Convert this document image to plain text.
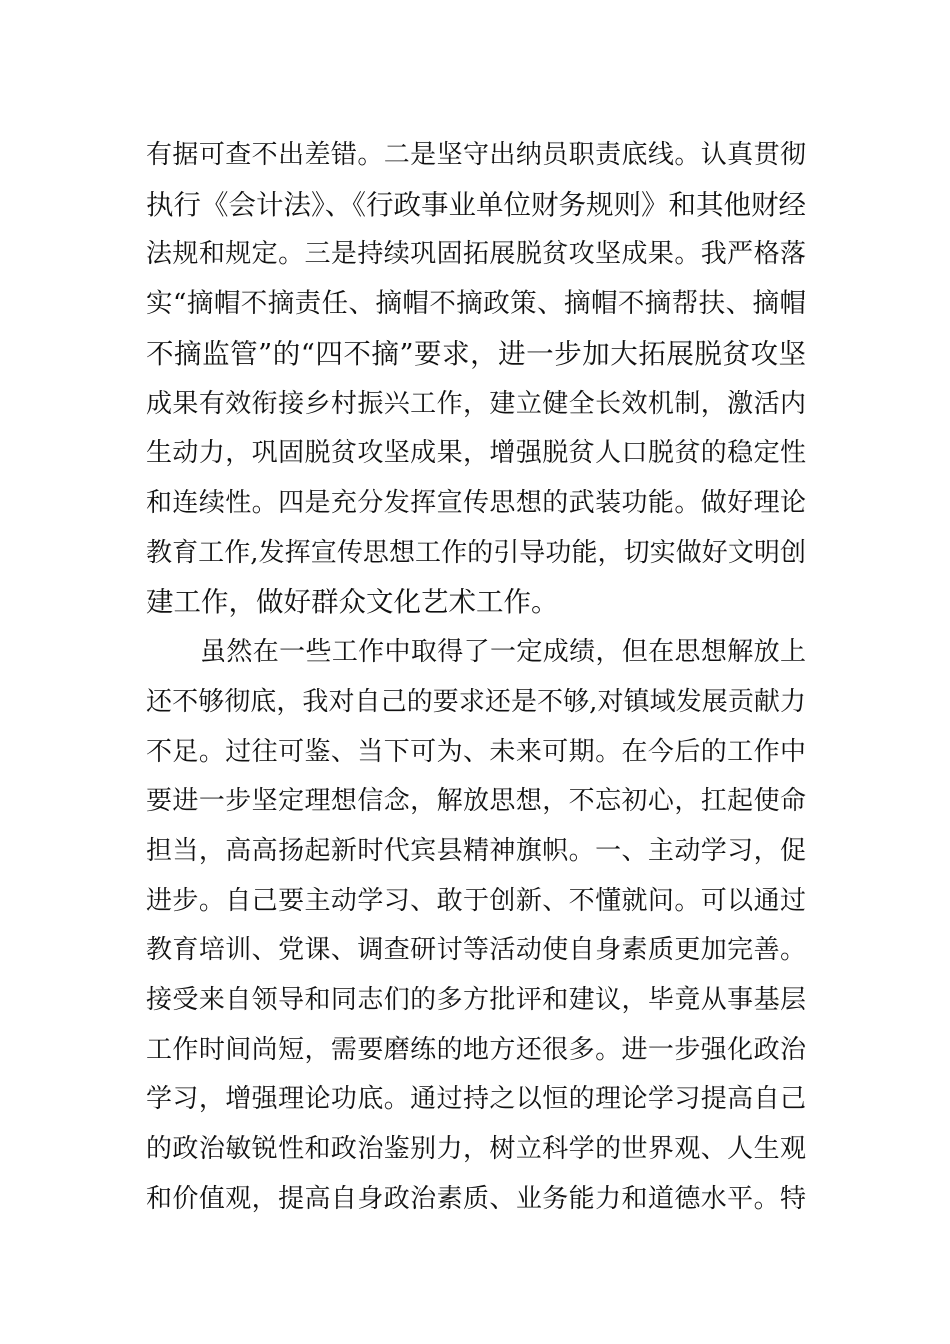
有据可查不出差错。二是坚守出纳员职责底线。认真贯彻
执行《会计法》、《行政事业单位财务规则》和其他财经
法规和规定。三是持续巩固拓展脱贫攻坚成果。我严格落
实“摘帽不摘责任、摘帽不摘政策、摘帽不摘帮扶、摘帽
不摘监管”的“四不摘”要求，进一步加大拓展脱贫攻坚
成果有效衔接乡村振兴工作，建立健全长效机制，激活内
生动力，巩固脱贫攻坚成果，增强脱贫人口脱贫的稳定性
和连续性。四是充分发挥宣传思想的武装功能。做好理论
教育工作,发挥宣传思想工作的引导功能，切实做好文明创
建工作，做好群众文化艺术工作。
虽然在一些工作中取得了一定成绩，但在思想解放上
还不够彻底，我对自己的要求还是不够,对镇域发展贡献力
不足。过往可鉴、当下可为、未来可期。在今后的工作中
要进一步坚定理想信念，解放思想，不忘初心，扛起使命
担当，高高扬起新时代宾县精神旗帜。一、主动学习，促
进步。自己要主动学习、敢于创新、不懂就问。可以通过
教育培训、党课、调查研讨等活动使自身素质更加完善。
接受来自领导和同志们的多方批评和建议，毕竟从事基层
工作时间尚短，需要磨练的地方还很多。进一步强化政治
学习，增强理论功底。通过持之以恒的理论学习提高自己
的政治敏锐性和政治鉴别力，树立科学的世界观、人生观
和价值观，提高自身政治素质、业务能力和道德水平。特
